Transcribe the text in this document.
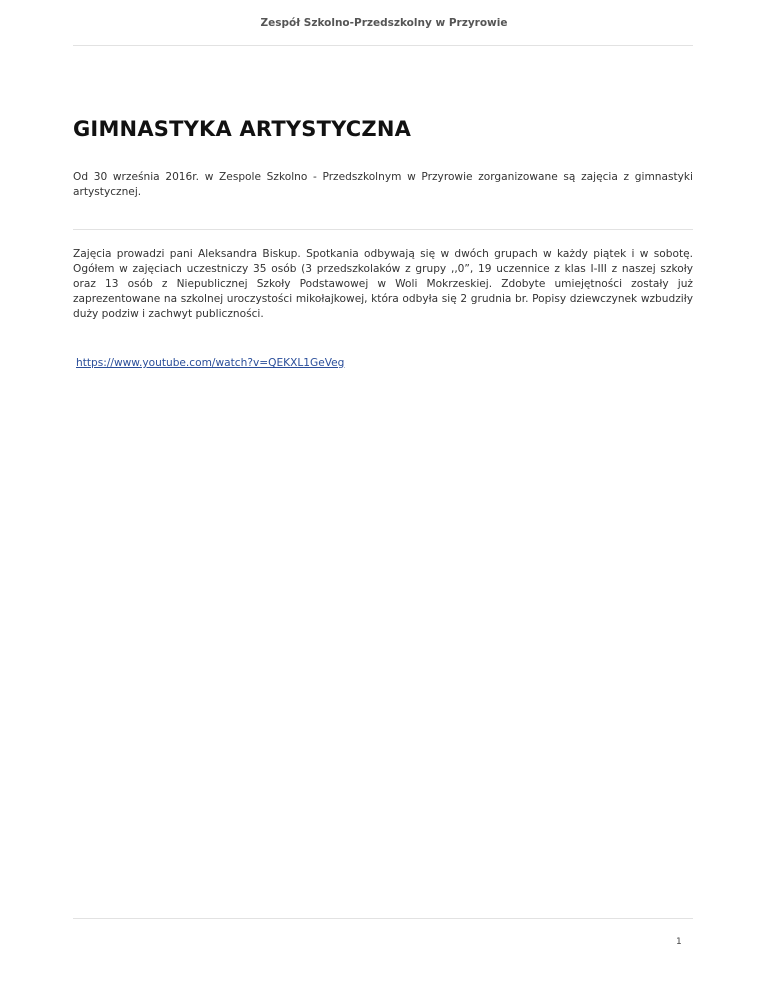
Zespół Szkolno-Przedszkolny w Przyrowie
GIMNASTYKA ARTYSTYCZNA

Od 30 września 2016r. w Zespole Szkolno - Przedszkolnym w Przyrowie zorganizowane są zajęcia z gimnastyki artystycznej.

Zajęcia prowadzi pani Aleksandra Biskup. Spotkania odbywają się w dwóch grupach w każdy piątek i w sobotę. Ogółem w zajęciach uczestniczy 35 osób (3 przedszkolaków z grupy ,,0”, 19 uczennice z klas I-III z naszej szkoły oraz 13 osób z Niepublicznej Szkoły Podstawowej w Woli Mokrzeskiej. Zdobyte umiejętności zostały już zaprezentowane na szkolnej uroczystości mikołajkowej, która odbyła się 2 grudnia br. Popisy dziewczynek wzbudziły duży podziw i zachwyt publiczności.

https://www.youtube.com/watch?v=QEKXL1GeVeg
1
